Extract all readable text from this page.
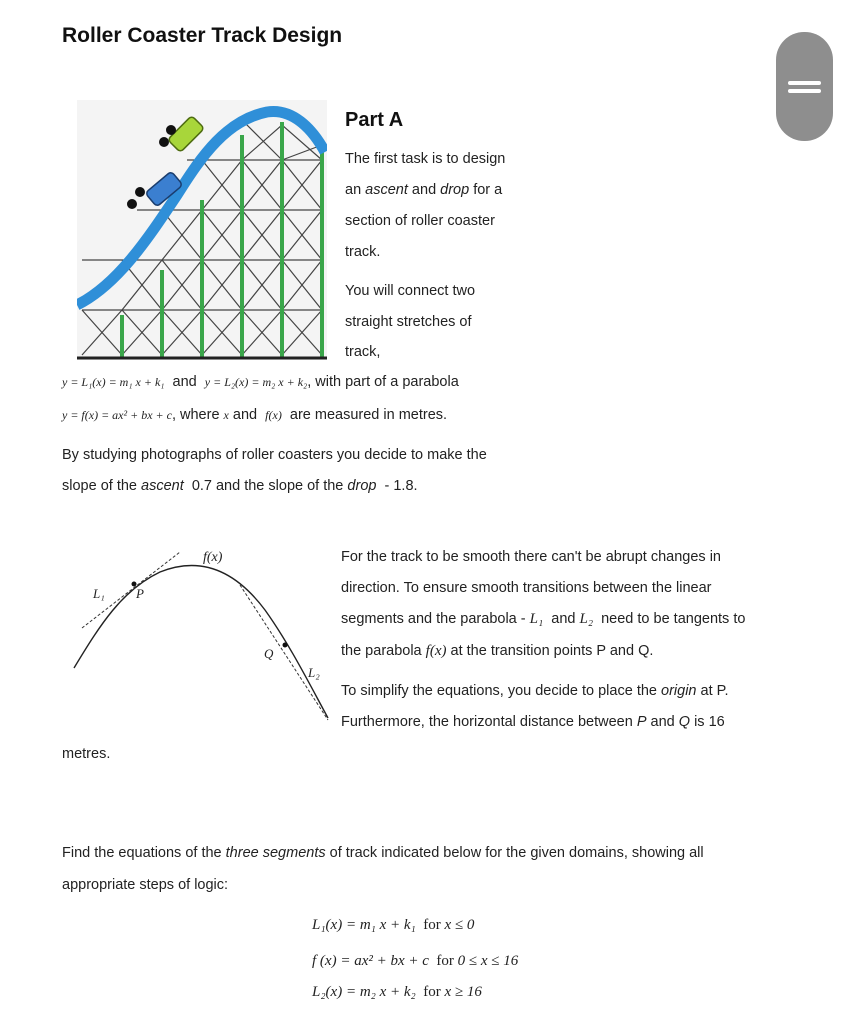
Roller Coaster Track Design
Part A
The first task is to design
an ascent and drop for a
section of roller coaster
track.
You will connect two
straight stretches of
track,
y = L₁(x) = m₁ x + k₁ and y = L₂(x) = m₂ x + k₂, with part of a parabola
y = f(x) = ax² + bx + c, where x and f(x) are measured in metres.
By studying photographs of roller coasters you decide to make the
slope of the ascent 0.7 and the slope of the drop - 1.8.
f(x)
L₁ P
Q
L₂
For the track to be smooth there can't be abrupt changes in
direction. To ensure smooth transitions between the linear
segments and the parabola - L₁ and L₂ need to be tangents to
the parabola f(x) at the transition points P and Q.
To simplify the equations, you decide to place the origin at P.
Furthermore, the horizontal distance between P and Q is 16
metres.
Find the equations of the three segments of track indicated below for the given domains, showing all
appropriate steps of logic:
L₁(x) = m₁ x + k₁ for x ≤ 0
f (x) = ax² + bx + c for 0 ≤ x ≤ 16
L₂(x) = m₂ x + k₂ for x ≥ 16
